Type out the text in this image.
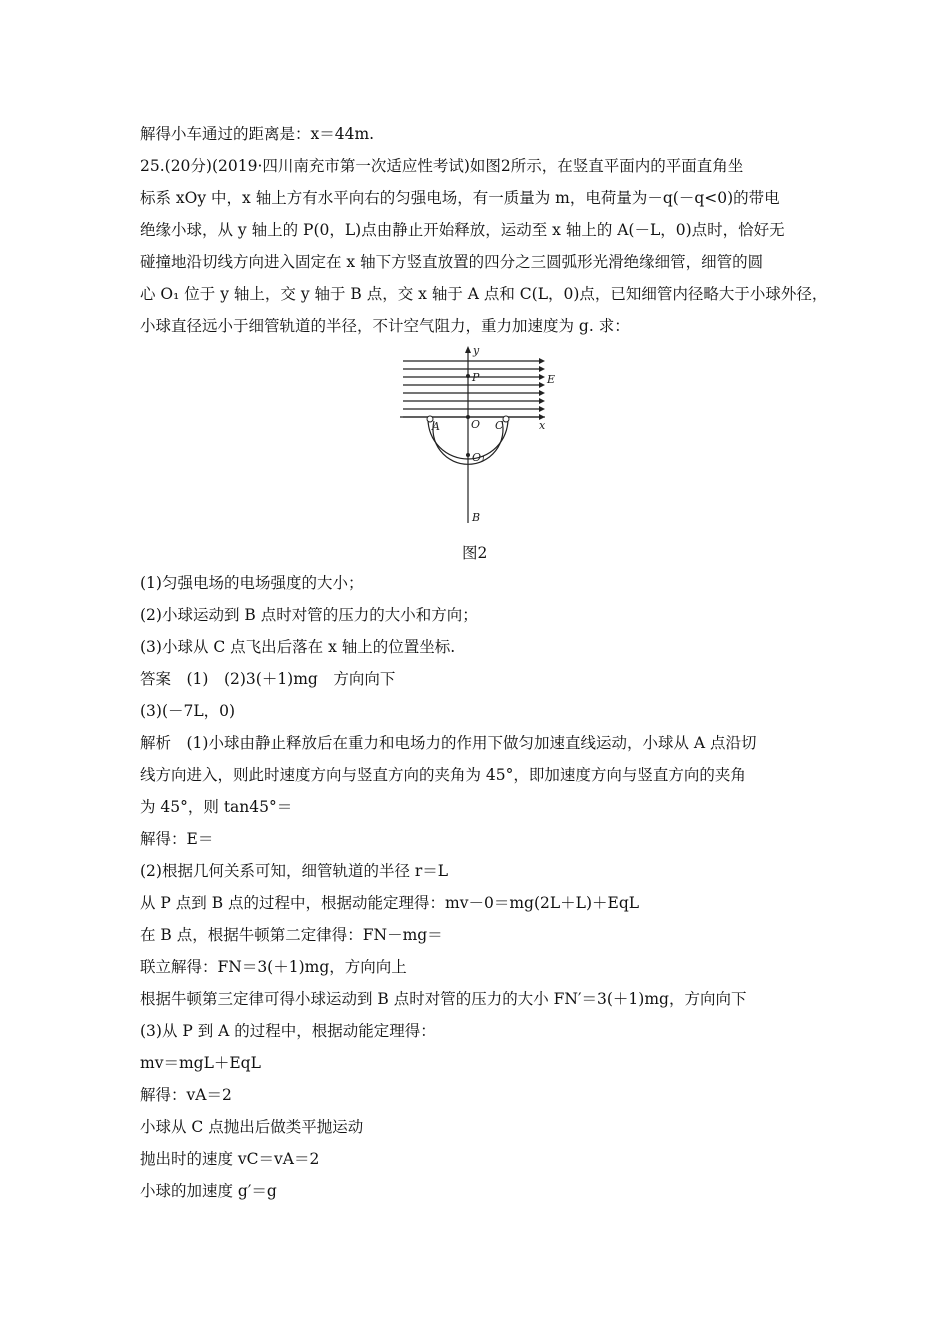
解得小车通过的距离是：x＝44m.
25.(20分)(2019·四川南充市第一次适应性考试)如图2所示，在竖直平面内的平面直角坐
标系 xOy 中，x 轴上方有水平向右的匀强电场，有一质量为 m，电荷量为－q(－q<0)的带电
绝缘小球，从 y 轴上的 P(0，L)点由静止开始释放，运动至 x 轴上的 A(－L，0)点时，恰好无
碰撞地沿切线方向进入固定在 x 轴下方竖直放置的四分之三圆弧形光滑绝缘细管，细管的圆
心 O₁ 位于 y 轴上，交 y 轴于 B 点，交 x 轴于 A 点和 C(L，0)点，已知细管内径略大于小球外径，
小球直径远小于细管轨道的半径，不计空气阻力，重力加速度为 g. 求：
y
P	E
A	O C	x
O₁
B
图2
(1)匀强电场的电场强度的大小；
(2)小球运动到 B 点时对管的压力的大小和方向；
(3)小球从 C 点飞出后落在 x 轴上的位置坐标.
答案　(1)　(2)3(＋1)mg　方向向下
(3)(－7L，0)
解析　(1)小球由静止释放后在重力和电场力的作用下做匀加速直线运动，小球从 A 点沿切
线方向进入，则此时速度方向与竖直方向的夹角为 45°，即加速度方向与竖直方向的夹角
为 45°，则 tan45°＝
解得：E＝
(2)根据几何关系可知，细管轨道的半径 r＝L
从 P 点到 B 点的过程中，根据动能定理得：mv－0＝mg(2L＋L)＋EqL
在 B 点，根据牛顿第二定律得：FN－mg＝
联立解得：FN＝3(＋1)mg，方向向上
根据牛顿第三定律可得小球运动到 B 点时对管的压力的大小 FN′＝3(＋1)mg，方向向下
(3)从 P 到 A 的过程中，根据动能定理得：
mv＝mgL＋EqL
解得：vA＝2
小球从 C 点抛出后做类平抛运动
抛出时的速度 vC＝vA＝2
小球的加速度 g′＝g
